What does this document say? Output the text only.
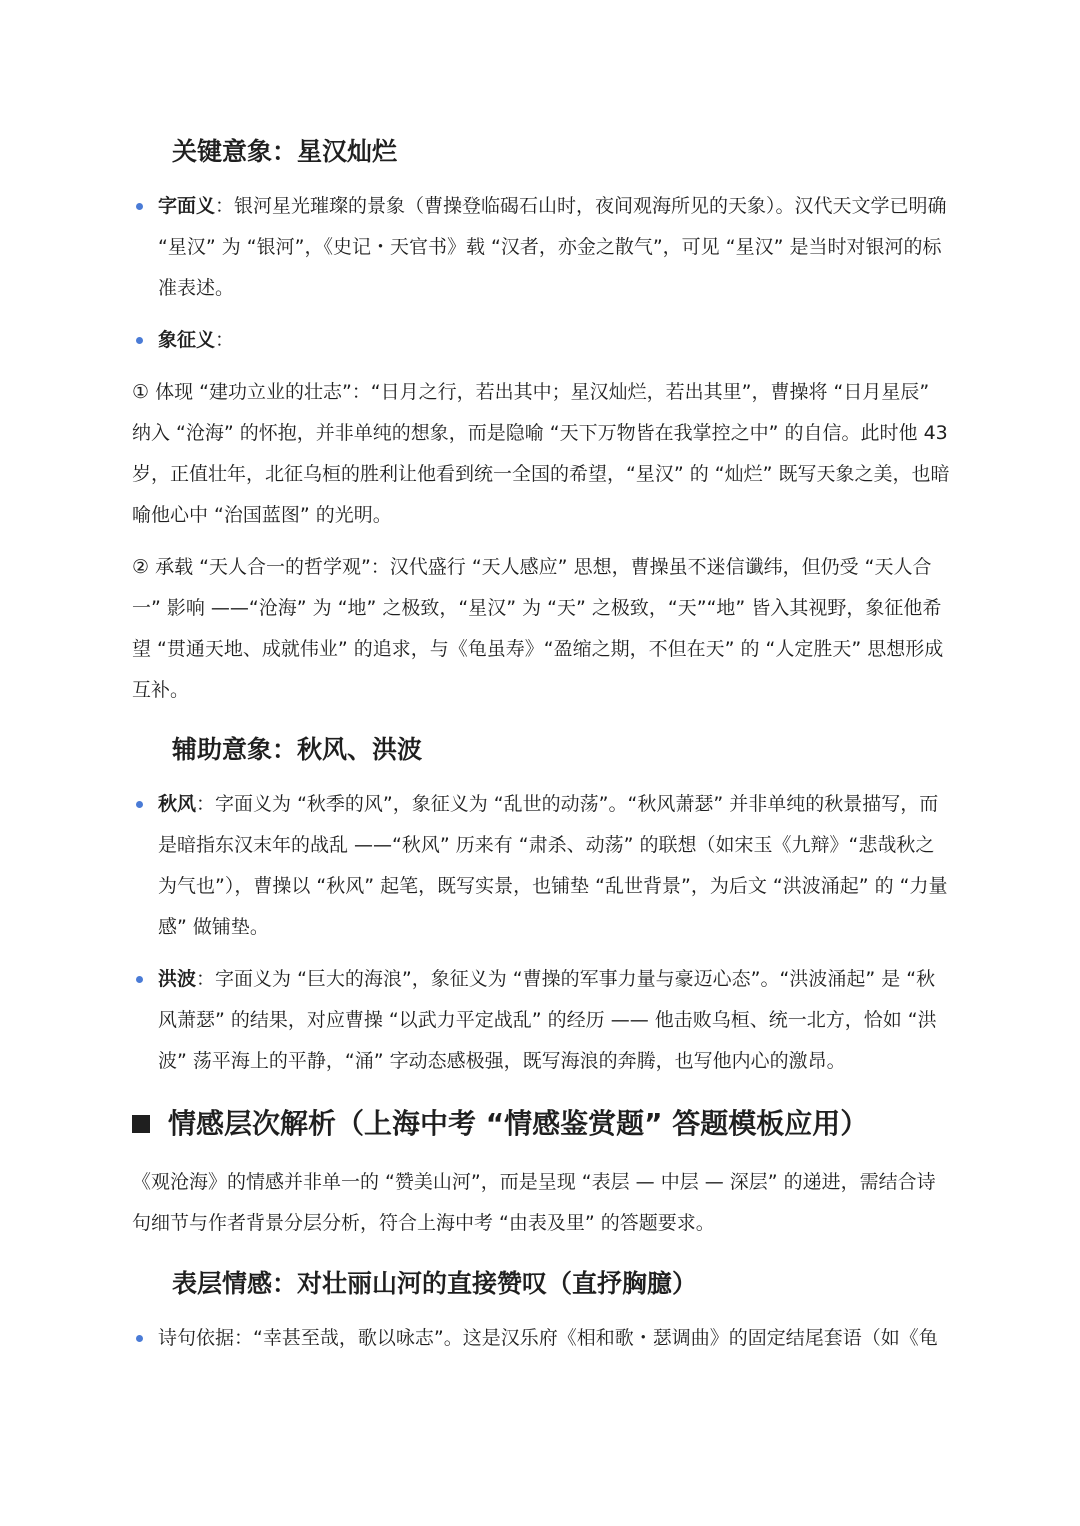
关键意象：星汉灿烂
字面义：银河星光璀璨的景象（曹操登临碣石山时，夜间观海所见的天象）。汉代天文学已明确 “星汉” 为 “银河”，《史记・天官书》载 “汉者，亦金之散气”，可见 “星汉” 是当时对银河的标准表述。
象征义：

① 体现 “建功立业的壮志”：“日月之行，若出其中；星汉灿烂，若出其里”，曹操将 “日月星辰” 纳入 “沧海” 的怀抱，并非单纯的想象，而是隐喻 “天下万物皆在我掌控之中” 的自信。此时他 43 岁，正值壮年，北征乌桓的胜利让他看到统一全国的希望，“星汉” 的 “灿烂” 既写天象之美，也暗喻他心中 “治国蓝图” 的光明。

② 承载 “天人合一的哲学观”：汉代盛行 “天人感应” 思想，曹操虽不迷信谶纬，但仍受 “天人合一” 影响 ——“沧海” 为 “地” 之极致，“星汉” 为 “天” 之极致，“天”“地” 皆入其视野，象征他希望 “贯通天地、成就伟业” 的追求，与《龟虽寿》“盈缩之期，不但在天” 的 “人定胜天” 思想形成互补。

辅助意象：秋风、洪波
秋风：字面义为 “秋季的风”，象征义为 “乱世的动荡”。“秋风萧瑟” 并非单纯的秋景描写，而是暗指东汉末年的战乱 ——“秋风” 历来有 “肃杀、动荡” 的联想（如宋玉《九辩》“悲哉秋之为气也”），曹操以 “秋风” 起笔，既写实景，也铺垫 “乱世背景”，为后文 “洪波涌起” 的 “力量感” 做铺垫。
洪波：字面义为 “巨大的海浪”，象征义为 “曹操的军事力量与豪迈心态”。“洪波涌起” 是 “秋风萧瑟” 的结果，对应曹操 “以武力平定战乱” 的经历 —— 他击败乌桓、统一北方，恰如 “洪波” 荡平海上的平静，“涌” 字动态感极强，既写海浪的奔腾，也写他内心的激昂。
情感层次解析（上海中考 “情感鉴赏题” 答题模板应用）

《观沧海》的情感并非单一的 “赞美山河”，而是呈现 “表层 — 中层 — 深层” 的递进，需结合诗句细节与作者背景分层分析，符合上海中考 “由表及里” 的答题要求。

表层情感：对壮丽山河的直接赞叹（直抒胸臆）
诗句依据：“幸甚至哉，歌以咏志”。这是汉乐府《相和歌・瑟调曲》的固定结尾套语（如《龟
